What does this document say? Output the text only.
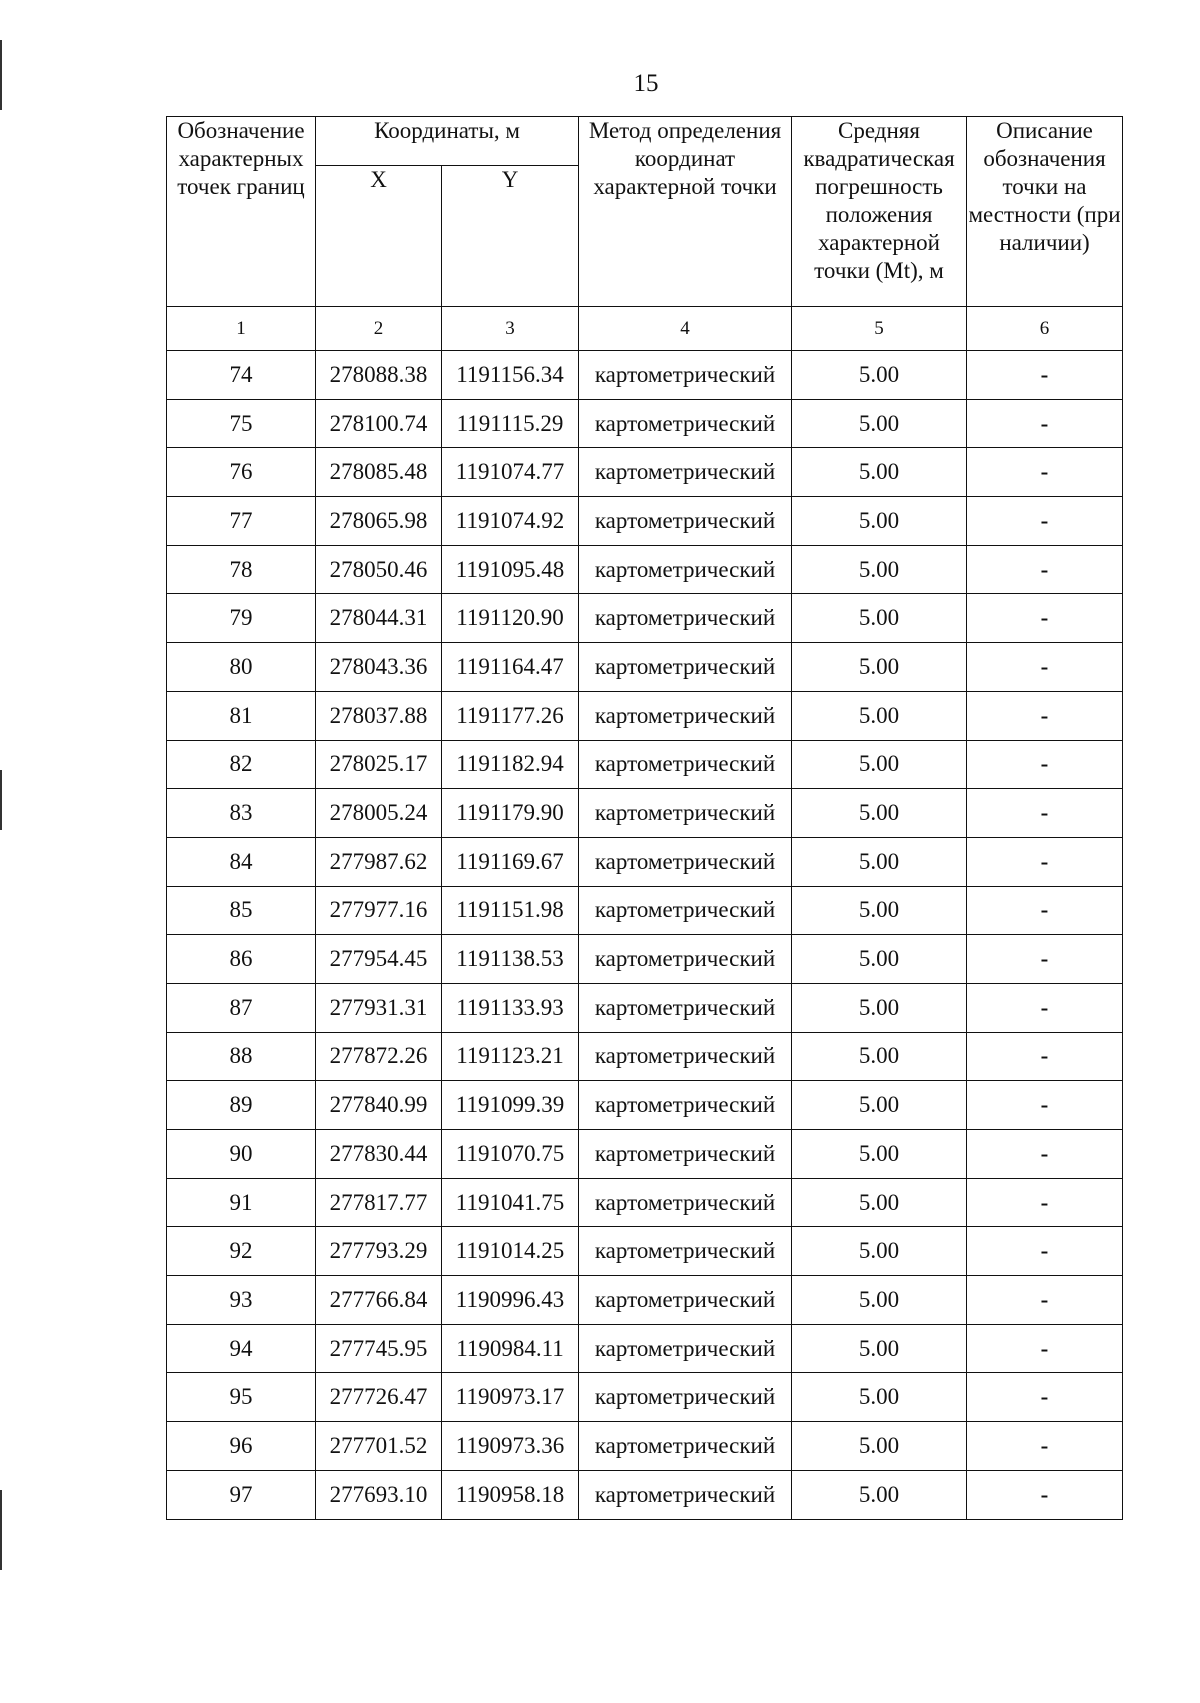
15
Обозначение характерных точек границ	Координаты, м		Метод определения координат характерной точки	Средняя квадратическая погрешность положения характерной точки (Mt), м	Описание обозначения точки на местности (при наличии)
	X	Y			
1	2	3	4	5	6
74	278088.38	1191156.34	картометрический	5.00	-
75	278100.74	1191115.29	картометрический	5.00	-
76	278085.48	1191074.77	картометрический	5.00	-
77	278065.98	1191074.92	картометрический	5.00	-
78	278050.46	1191095.48	картометрический	5.00	-
79	278044.31	1191120.90	картометрический	5.00	-
80	278043.36	1191164.47	картометрический	5.00	-
81	278037.88	1191177.26	картометрический	5.00	-
82	278025.17	1191182.94	картометрический	5.00	-
83	278005.24	1191179.90	картометрический	5.00	-
84	277987.62	1191169.67	картометрический	5.00	-
85	277977.16	1191151.98	картометрический	5.00	-
86	277954.45	1191138.53	картометрический	5.00	-
87	277931.31	1191133.93	картометрический	5.00	-
88	277872.26	1191123.21	картометрический	5.00	-
89	277840.99	1191099.39	картометрический	5.00	-
90	277830.44	1191070.75	картометрический	5.00	-
91	277817.77	1191041.75	картометрический	5.00	-
92	277793.29	1191014.25	картометрический	5.00	-
93	277766.84	1190996.43	картометрический	5.00	-
94	277745.95	1190984.11	картометрический	5.00	-
95	277726.47	1190973.17	картометрический	5.00	-
96	277701.52	1190973.36	картометрический	5.00	-
97	277693.10	1190958.18	картометрический	5.00	-
